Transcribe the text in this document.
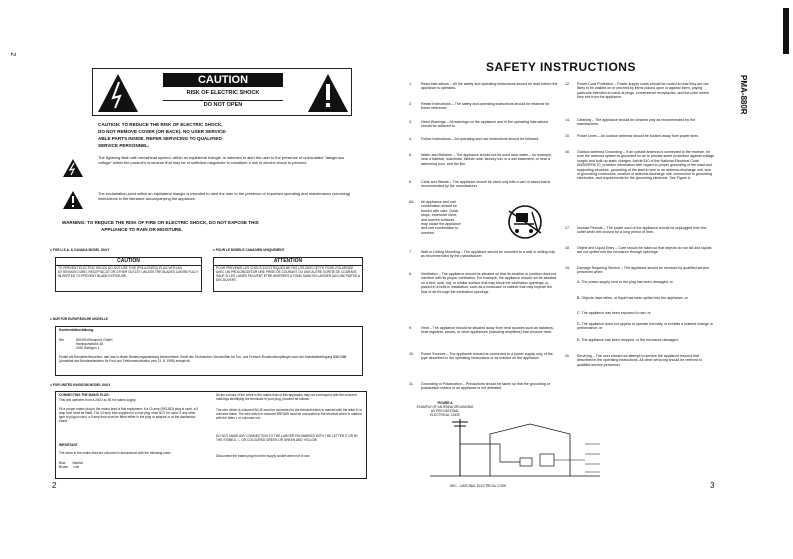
2
CAUTION
RISK OF ELECTRIC SHOCK
DO NOT OPEN
CAUTION: TO REDUCE THE RISK OF ELECTRIC SHOCK,
DO NOT REMOVE COVER (OR BACK). NO USER SERVICE-
ABLE PARTS INSIDE. REFER SERVICING TO QUALIFIED
SERVICE PERSONNEL.
The lightning flash with arrowhead symbol, within an equilateral triangle, is intended to alert the user to the presence of uninsulated "dangerous voltage" within the product's enclosure that may be of sufficient magnitude to constitute a risk of electric shock to persons.
The exclamation point within an equilateral triangle is intended to alert the user to the presence of important operating and maintenance (servicing) instructions in the literature accompanying the appliance.
WARNING: TO REDUCE THE RISK OF FIRE OR ELECTRIC SHOCK, DO NOT EXPOSE THIS
APPLIANCE TO RAIN OR MOISTURE.
● FOR U.S.A. & CANADA MODEL ONLY
CAUTION
TO PREVENT ELECTRIC SHOCK DO NOT USE THIS (POLA-RIZED) PLUG WITH AN EXTENSION CORD, RECEPTACLE OR OTHER OUTLET UNLESS THE BLADES CAN BE FULLY IN-SERTED TO PREVENT BLADE EXPOSURE.
● POUR LE MODELE CANADIEN UNIQUEMENT
ATTENTION
POUR PREVENIR LES CHOCS ELECTRIQUES NE PAS UTILISER CETTE FICHE POLARISEE AVEC UN PROLONGATEUR UNE PRISE DE COURANT OU UNE AUTRE SORTIE DE COURANT, SAUF SI LES LAMES PEUVENT ETRE INSEREES A FOND SANS EN LAISSER AUCUNE PARTIE A DECOUVERT.
● NUR FÜR EUROPÄISCHE MODELLE
Konformitätserklärung
Wir	DENON Electronic GmbH
Hainbachstraße 38
4030 Ratingen 1
Erklärt als Hersteller/Importeur, daß das in dieser Bedienungsanleitung beschriebene Gerät den Technischen Vorschriften für Ton- und Fernseh-Rundfunkempfänger nach der Amtsblattverfügung 808/1988 (Amtsblatt des Bundesministers für Post und Telekommunikation vom 21. 8. 1985) entspricht.
● FOR UNITED KINGDOM MODEL ONLY
CONNECTING THE MAINS PLUG:
This unit operates from a 240V ac 50 Hz mains supply.
Fit a proper mains plug to the mains lead of this equipment. If a 13 amp (BS1363) plug is used, a 5 amp fuse must be fitted. The 13 amp fuse supplied in a new plug must NOT be used. If any other type of plug is used, a 5 amp fuse must be fitted either in the plug or adaptor or at the distribution board.
IMPORTANT
The wires in the mains lead are coloured in accordance with the following code:
Blue        Neutral
Brown      Live
As the colours of the wires in the mains lead of this apparatus may not correspond with the coloured markings identifying the terminals in your plug, proceed as follows:
The wire which is coloured BLUE must be connected to the terminal which is marked with the letter N or coloured black. The wire which is coloured BROWN must be connected to the terminal which is marked with the letter L or coloured red.
DO NOT MAKE ANY CONNECTION TO THE LARGER PIN MARKED WITH THE LETTER E OR BY THE SYMBOL ⏚ OR COLOURED GREEN OR GREEN AND YELLOW.
Disconnect the mains plug from the supply socket when not in use.
2
SAFETY INSTRUCTIONS
PMA-880R
1.	Read Instructions – All the safety and operating instructions should be read before the appliance is operated.
2.	Retain Instructions – The safety and operating instructions should be retained for future reference.
3.	Heed Warnings – All warnings on the appliance and in the operating instructions should be adhered to.
4.	Follow Instructions – All operating and use instructions should be followed.
5.	Water and Moisture – The appliance should not be used near water – for example, near a bathtub, washbowl, kitchen sink, laundry tub, in a wet basement, or near a swimming pool, and the like.
6.	Carts and Stands – The appliance should be used only with a cart or stand that is recommended by the manufacturer.
6A. An appliance and cart combination should be moved with care. Quick stops, excessive force, and uneven surfaces may cause the appliance and cart combination to overturn.
7.	Wall or Ceiling Mounting – The appliance should be mounted to a wall or ceiling only as recommended by the manufacturer.
8.	Ventilation – The appliance should be situated so that its location or position does not interfere with its proper ventilation. For example, the appliance should not be situated on a bed, sofa, rug, or similar surface that may block the ventilation openings; or, placed in a built-in installation, such as a bookcase or cabinet that may impede the flow of air through the ventilation openings.
9.	Heat – The appliance should be situated away from heat sources such as radiators, heat registers, stoves, or other appliances (including amplifiers) that produce heat.
10. Power Sources – The appliance should be connected to a power supply only of the type described in the operating instructions or as marked on the appliance.
11. Grounding or Polarization – Precautions should be taken so that the grounding or polarization means of an appliance is not defeated.
12. Power-Cord Protection – Power-supply cords should be routed so that they are not likely to be walked on or pinched by items placed upon or against them, paying particular attention to cords at plugs, convenience receptacles, and the point where they exit from the appliance.
14. Cleaning – The appliance should be cleaned only as recommended by the manufacturer.
15. Power Lines – An outdoor antenna should be located away from power lines.
16. Outdoor Antenna Grounding – If an outside antenna is connected to the receiver, be sure the antenna system is grounded so as to provide some protection against voltage surges and built-up static charges. Article 810 of the National Electrical Code, ANSI/NFPA 70, provides information with regard to proper grounding of the mast and supporting structure, grounding of the lead-in wire to an antenna-discharge unit, size of grounding conductors, location of antenna-discharge unit, connection to grounding electrodes, and requirements for the grounding electrode. See Figure A.
17. Nonuse Periods – The power cord of the appliance should be unplugged from the outlet when left unused for a long period of time.
18. Object and Liquid Entry – Care should be taken so that objects do not fall and liquids are not spilled into the enclosure through openings.
19. Damage Requiring Service – The appliance should be serviced by qualified service personnel when:
A. The power-supply cord or the plug has been damaged; or
B. Objects have fallen, or liquid has been spilled into the appliance; or
C. The appliance has been exposed to rain; or
D. The appliance does not appear to operate normally or exhibits a marked change in performance; or
E. The appliance has been dropped, or the enclosure damaged.
20. Servicing – The user should not attempt to service the appliance beyond that described in the operating instructions. All other servicing should be referred to qualified service personnel.
FIGURE A
EXAMPLE OF ANTENNA GROUNDING
AS PER NATIONAL
ELECTRICAL CODE
NEC – NATIONAL ELECTRICAL CODE	3
